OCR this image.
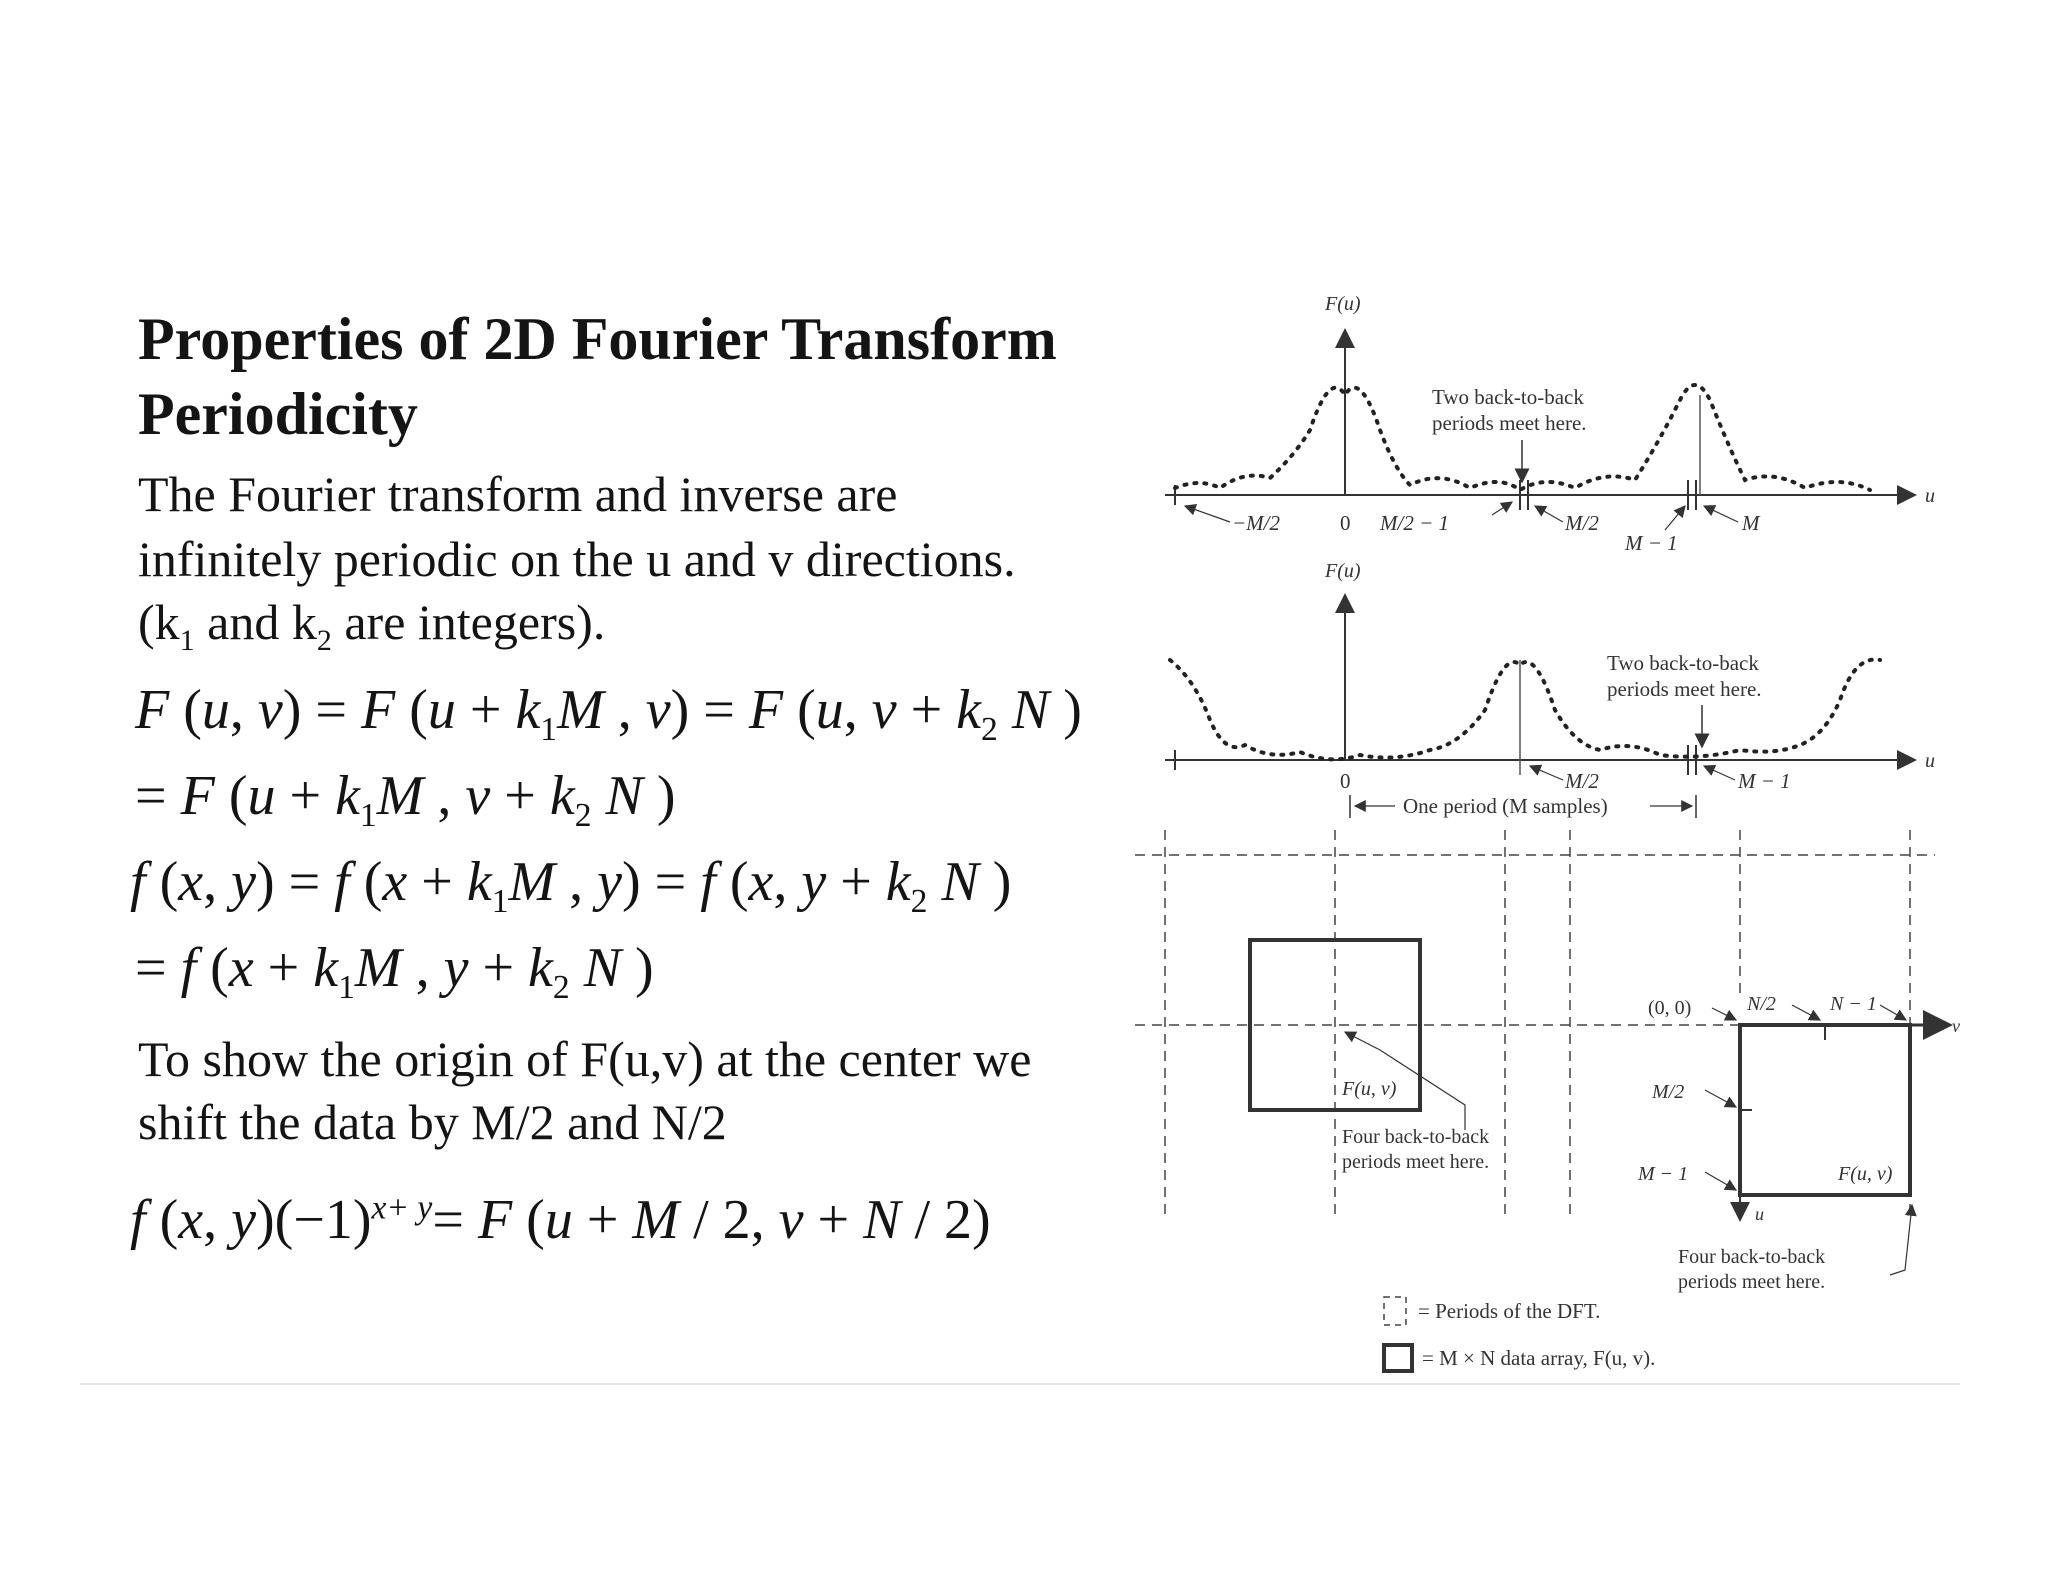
Properties of 2D Fourier Transform
Periodicity
The Fourier transform and inverse are
infinitely periodic on the u and v directions.
($k_1$ and $k_2$ are integers).
F (u, v) = F ($u + k_1M$ , v) = F (u, $v + k_2$ N )
= F ($u + k_1M$ , $v + k_2$ N )
f (x, y) = f ($x + k_1M$ , y) = f (x, $y + k_2$ N )
= f ($x + k_1M$ , $y + k_2$ N )
To show the origin of F(u,v) at the center we
shift the data by M/2 and N/2
f (x, $y)(-1)^{x+ y}= F$ (u + M / 2, v + N / 2)
F(u)
u
Two back-to-back
periods meet here.
−M/2	0 M/2 − 1	M/2
M − 1
M
F(u)
u
Two back-to-back
periods meet here.
0	M/2	M − 1
One period (M samples)
F(u, v)
Four back-to-back
periods meet here.
v
u
(0, 0)	N/2	N − 1
M/2
M − 1	F(u, v)
Four back-to-back
periods meet here.
= Periods of the DFT.
= M × N data array, F(u, v).
